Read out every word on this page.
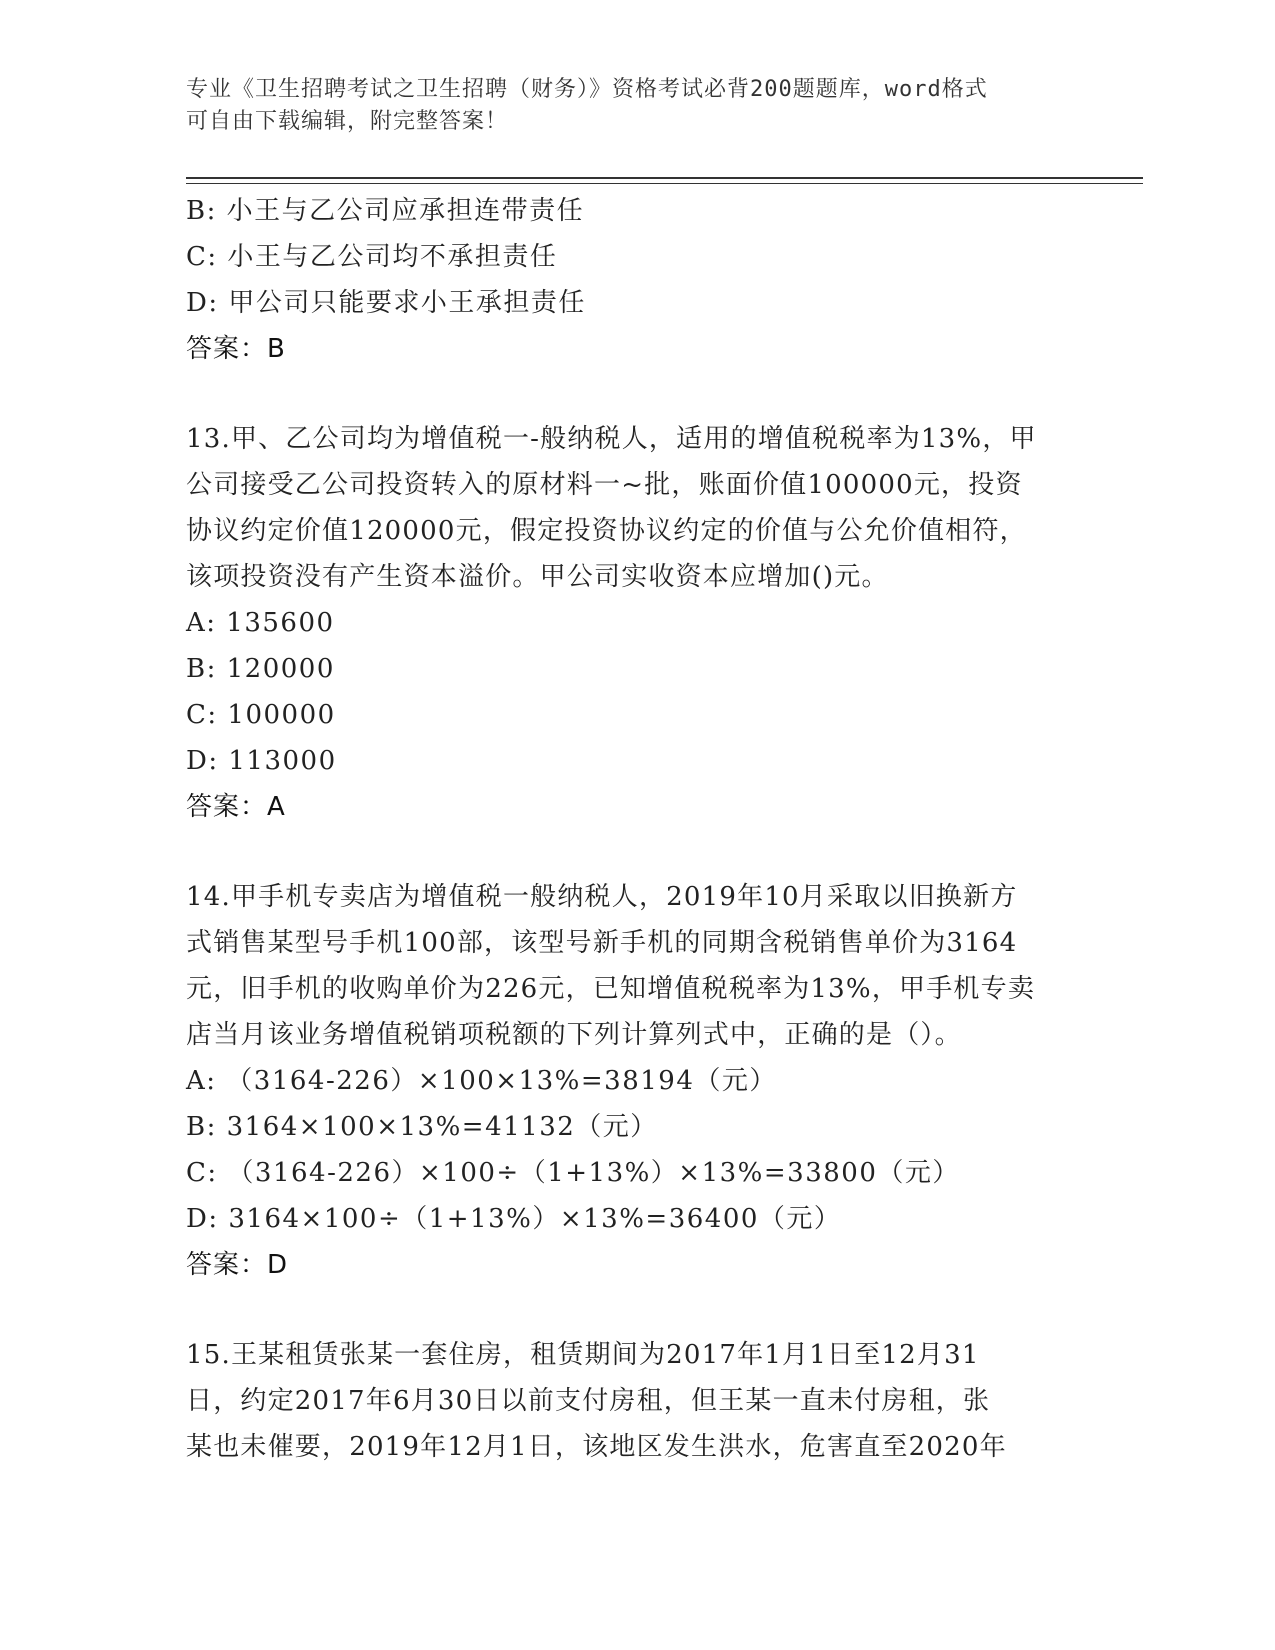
专业《卫生招聘考试之卫生招聘（财务）》资格考试必背200题题库，word格式
可自由下载编辑，附完整答案！
B: 小王与乙公司应承担连带责任
C: 小王与乙公司均不承担责任
D: 甲公司只能要求小王承担责任
答案：B
13.甲、乙公司均为增值税一-般纳税人，适用的增值税税率为13%，甲
公司接受乙公司投资转入的原材料一~批，账面价值100000元，投资
协议约定价值120000元，假定投资协议约定的价值与公允价值相符，
该项投资没有产生资本溢价。甲公司实收资本应增加()元。
A: 135600
B: 120000
C: 100000
D: 113000
答案：A
14.甲手机专卖店为增值税一般纳税人，2019年10月采取以旧换新方
式销售某型号手机100部，该型号新手机的同期含税销售单价为3164
元，旧手机的收购单价为226元，已知增值税税率为13%，甲手机专卖
店当月该业务增值税销项税额的下列计算列式中，正确的是（）。
A: （3164-226）×100×13%=38194（元）
B: 3164×100×13%=41132（元）
C: （3164-226）×100÷（1+13%）×13%=33800（元）
D: 3164×100÷（1+13%）×13%=36400（元）
答案：D
15.王某租赁张某一套住房，租赁期间为2017年1月1日至12月31
日，约定2017年6月30日以前支付房租，但王某一直未付房租，张
某也未催要，2019年12月1日，该地区发生洪水，危害直至2020年
